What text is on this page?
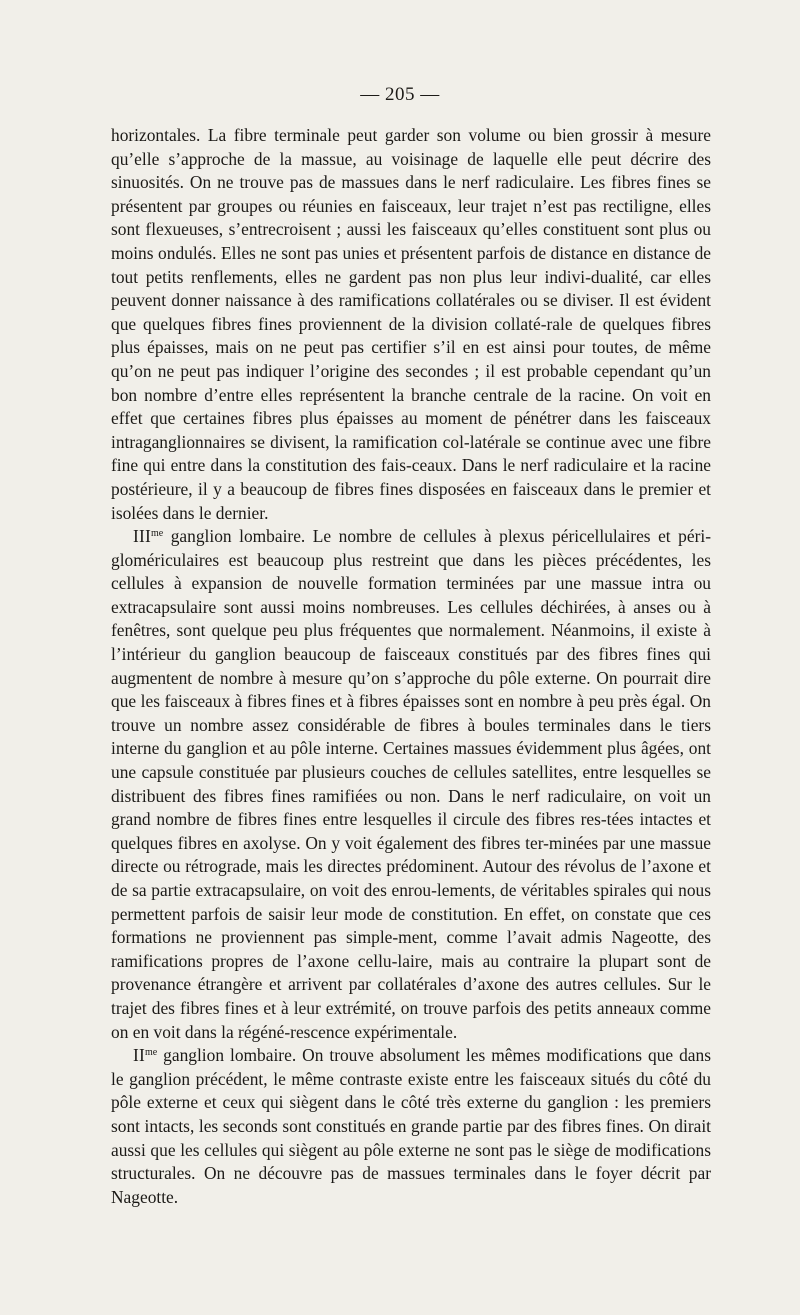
— 205 —

horizontales. La fibre terminale peut garder son volume ou bien grossir à mesure qu’elle s’approche de la massue, au voisinage de laquelle elle peut décrire des sinuosités. On ne trouve pas de massues dans le nerf radiculaire. Les fibres fines se présentent par groupes ou réunies en faisceaux, leur trajet n’est pas rectiligne, elles sont flexueuses, s’entrecroisent ; aussi les faisceaux qu’elles constituent sont plus ou moins ondulés. Elles ne sont pas unies et présentent parfois de distance en distance de tout petits renflements, elles ne gardent pas non plus leur indivi-dualité, car elles peuvent donner naissance à des ramifications collatérales ou se diviser. Il est évident que quelques fibres fines proviennent de la division collaté-rale de quelques fibres plus épaisses, mais on ne peut pas certifier s’il en est ainsi pour toutes, de même qu’on ne peut pas indiquer l’origine des secondes ; il est probable cependant qu’un bon nombre d’entre elles représentent la branche centrale de la racine. On voit en effet que certaines fibres plus épaisses au moment de pénétrer dans les faisceaux intraganglionnaires se divisent, la ramification col-latérale se continue avec une fibre fine qui entre dans la constitution des fais-ceaux. Dans le nerf radiculaire et la racine postérieure, il y a beaucoup de fibres fines disposées en faisceaux dans le premier et isolées dans le dernier.

$III^{me}$ ganglion lombaire. Le nombre de cellules à plexus péricellulaires et péri-glomériculaires est beaucoup plus restreint que dans les pièces précédentes, les cellules à expansion de nouvelle formation terminées par une massue intra ou extracapsulaire sont aussi moins nombreuses. Les cellules déchirées, à anses ou à fenêtres, sont quelque peu plus fréquentes que normalement. Néanmoins, il existe à l’intérieur du ganglion beaucoup de faisceaux constitués par des fibres fines qui augmentent de nombre à mesure qu’on s’approche du pôle externe. On pourrait dire que les faisceaux à fibres fines et à fibres épaisses sont en nombre à peu près égal. On trouve un nombre assez considérable de fibres à boules terminales dans le tiers interne du ganglion et au pôle interne. Certaines massues évidemment plus âgées, ont une capsule constituée par plusieurs couches de cellules satellites, entre lesquelles se distribuent des fibres fines ramifiées ou non. Dans le nerf radiculaire, on voit un grand nombre de fibres fines entre lesquelles il circule des fibres res-tées intactes et quelques fibres en axolyse. On y voit également des fibres ter-minées par une massue directe ou rétrograde, mais les directes prédominent. Autour des révolus de l’axone et de sa partie extracapsulaire, on voit des enrou-lements, de véritables spirales qui nous permettent parfois de saisir leur mode de constitution. En effet, on constate que ces formations ne proviennent pas simple-ment, comme l’avait admis Nageotte, des ramifications propres de l’axone cellu-laire, mais au contraire la plupart sont de provenance étrangère et arrivent par collatérales d’axone des autres cellules. Sur le trajet des fibres fines et à leur extrémité, on trouve parfois des petits anneaux comme on en voit dans la régéné-rescence expérimentale.

$II^{me}$ ganglion lombaire. On trouve absolument les mêmes modifications que dans le ganglion précédent, le même contraste existe entre les faisceaux situés du côté du pôle externe et ceux qui siègent dans le côté très externe du ganglion : les premiers sont intacts, les seconds sont constitués en grande partie par des fibres fines. On dirait aussi que les cellules qui siègent au pôle externe ne sont pas le siège de modifications structurales. On ne découvre pas de massues terminales dans le foyer décrit par Nageotte.
